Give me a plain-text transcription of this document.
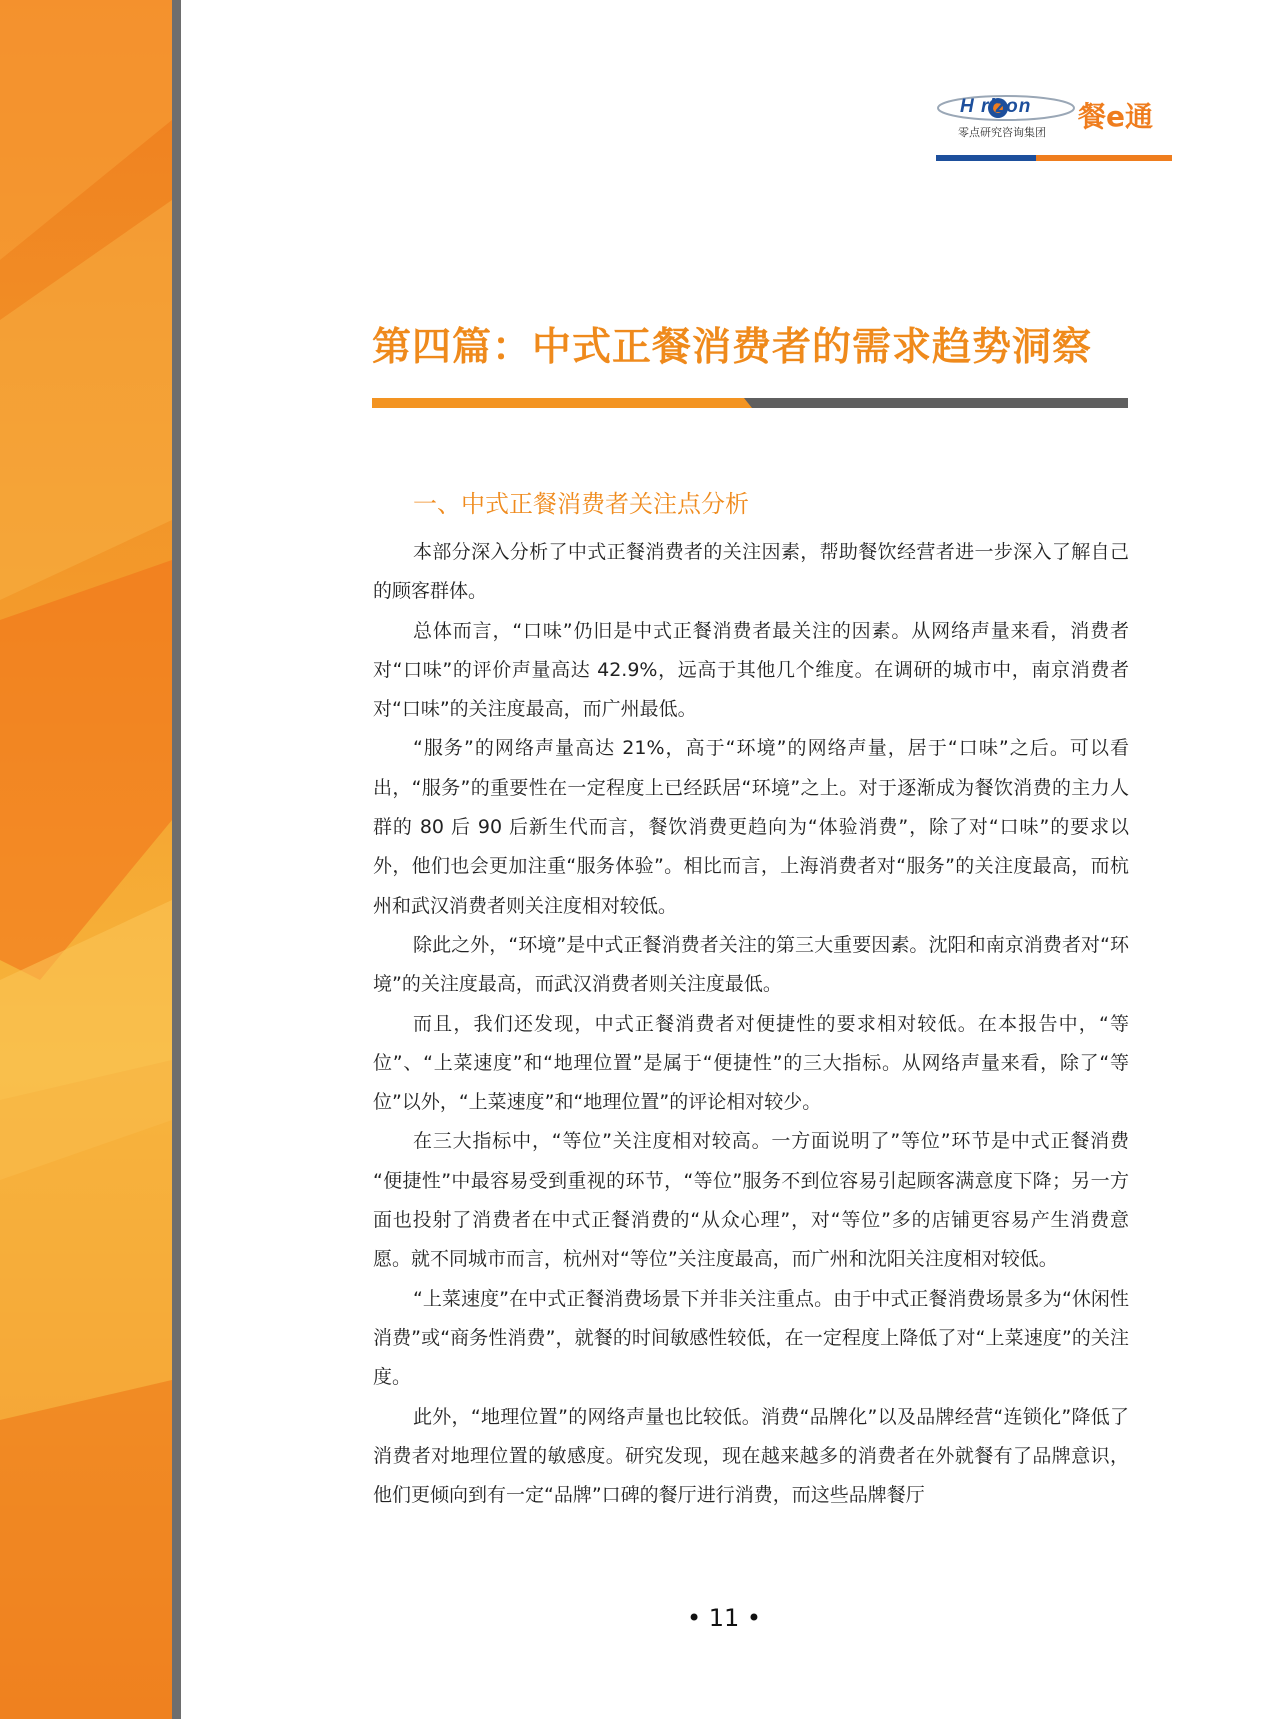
H rizon
零点研究咨询集团 餐e通
第四篇：中式正餐消费者的需求趋势洞察
一、中式正餐消费者关注点分析

本部分深入分析了中式正餐消费者的关注因素，帮助餐饮经营者进一步深入了解自己的顾客群体。

总体而言，“口味”仍旧是中式正餐消费者最关注的因素。从网络声量来看，消费者对“口味”的评价声量高达 42.9%，远高于其他几个维度。在调研的城市中，南京消费者对“口味”的关注度最高，而广州最低。

“服务”的网络声量高达 21%，高于“环境”的网络声量，居于“口味”之后。可以看出，“服务”的重要性在一定程度上已经跃居“环境”之上。对于逐渐成为餐饮消费的主力人群的 80 后 90 后新生代而言，餐饮消费更趋向为“体验消费”，除了对“口味”的要求以外，他们也会更加注重“服务体验”。相比而言，上海消费者对“服务”的关注度最高，而杭州和武汉消费者则关注度相对较低。

除此之外，“环境”是中式正餐消费者关注的第三大重要因素。沈阳和南京消费者对“环境”的关注度最高，而武汉消费者则关注度最低。

而且，我们还发现，中式正餐消费者对便捷性的要求相对较低。在本报告中，“等位”、“上菜速度”和“地理位置”是属于“便捷性”的三大指标。从网络声量来看，除了“等位”以外，“上菜速度”和“地理位置”的评论相对较少。

在三大指标中，“等位”关注度相对较高。一方面说明了”等位”环节是中式正餐消费 “便捷性”中最容易受到重视的环节，“等位”服务不到位容易引起顾客满意度下降；另一方面也投射了消费者在中式正餐消费的“从众心理”，对“等位”多的店铺更容易产生消费意愿。就不同城市而言，杭州对“等位”关注度最高，而广州和沈阳关注度相对较低。

“上菜速度”在中式正餐消费场景下并非关注重点。由于中式正餐消费场景多为“休闲性消费”或“商务性消费”，就餐的时间敏感性较低，在一定程度上降低了对“上菜速度”的关注度。

此外，“地理位置”的网络声量也比较低。消费“品牌化”以及品牌经营“连锁化”降低了消费者对地理位置的敏感度。研究发现，现在越来越多的消费者在外就餐有了品牌意识，他们更倾向到有一定“品牌”口碑的餐厅进行消费，而这些品牌餐厅

• 11 •
